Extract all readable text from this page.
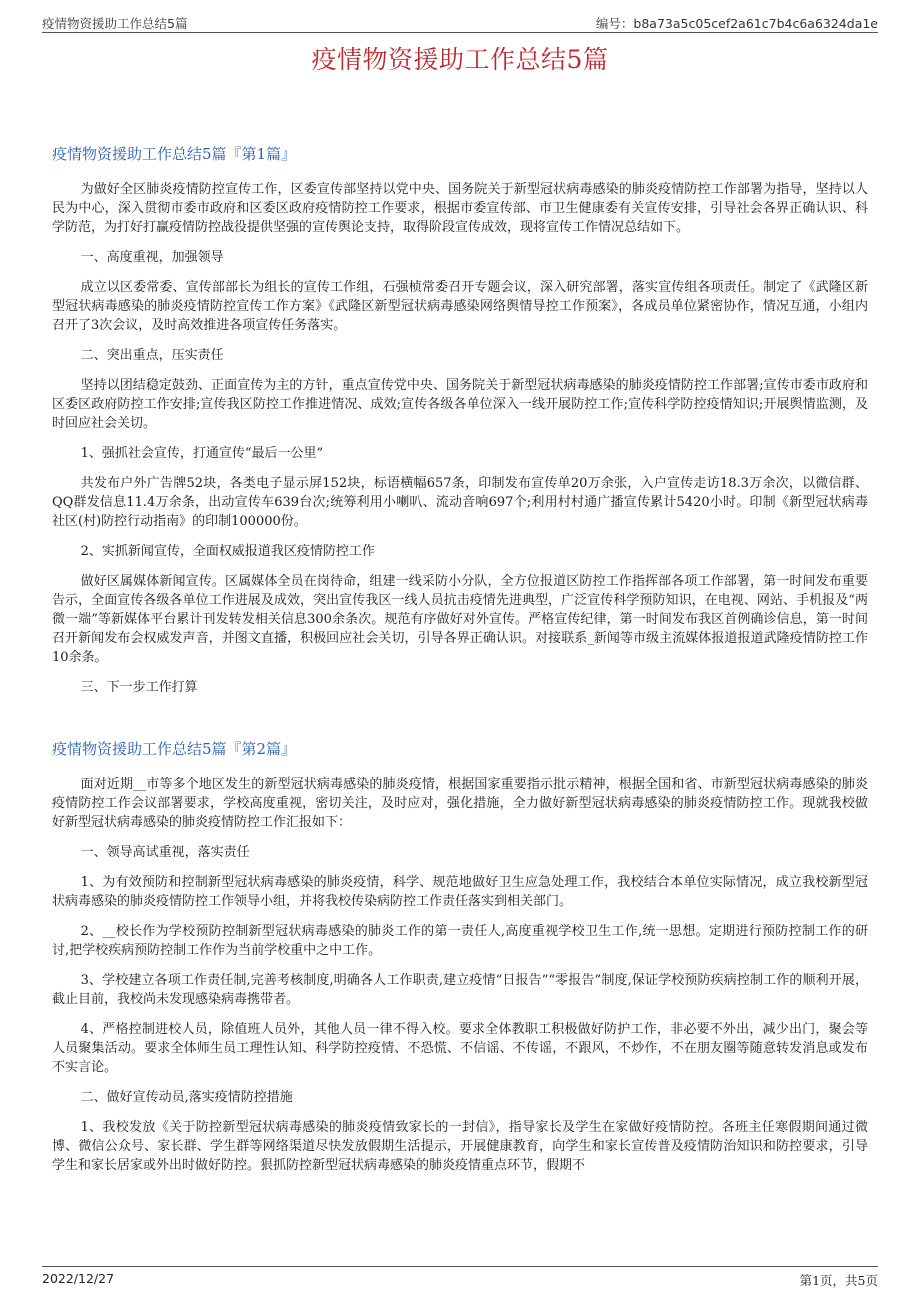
疫情物资援助工作总结5篇	编号：b8a73a5c05cef2a61c7b4c6a6324da1e
疫情物资援助工作总结5篇
疫情物资援助工作总结5篇『第1篇』

为做好全区肺炎疫情防控宣传工作，区委宣传部坚持以党中央、国务院关于新型冠状病毒感染的肺炎疫情防控工作部署为指导，坚持以人民为中心，深入贯彻市委市政府和区委区政府疫情防控工作要求，根据市委宣传部、市卫生健康委有关宣传安排，引导社会各界正确认识、科学防范，为打好打赢疫情防控战役提供坚强的宣传舆论支持，取得阶段宣传成效，现将宣传工作情况总结如下。

一、高度重视，加强领导

成立以区委常委、宣传部部长为组长的宣传工作组，石强桢常委召开专题会议，深入研究部署，落实宣传组各项责任。制定了《武隆区新型冠状病毒感染的肺炎疫情防控宣传工作方案》《武隆区新型冠状病毒感染网络舆情导控工作预案》，各成员单位紧密协作，情况互通，小组内召开了3次会议，及时高效推进各项宣传任务落实。

二、突出重点，压实责任

坚持以团结稳定鼓劲、正面宣传为主的方针，重点宣传党中央、国务院关于新型冠状病毒感染的肺炎疫情防控工作部署;宣传市委市政府和区委区政府防控工作安排;宣传我区防控工作推进情况、成效;宣传各级各单位深入一线开展防控工作;宣传科学防控疫情知识;开展舆情监测，及时回应社会关切。

1、强抓社会宣传，打通宣传“最后一公里”

共发布户外广告牌52块，各类电子显示屏152块，标语横幅657条，印制发布宣传单20万余张，入户宣传走访18.3万余次，以微信群、QQ群发信息11.4万余条，出动宣传车639台次;统筹利用小喇叭、流动音响697个;利用村村通广播宣传累计5420小时。印制《新型冠状病毒社区(村)防控行动指南》的印制100000份。

2、实抓新闻宣传，全面权威报道我区疫情防控工作

做好区属媒体新闻宣传。区属媒体全员在岗待命，组建一线采防小分队，全方位报道区防控工作指挥部各项工作部署，第一时间发布重要告示，全面宣传各级各单位工作进展及成效，突出宣传我区一线人员抗击疫情先进典型，广泛宣传科学预防知识，在电视、网站、手机报及“两微一端”等新媒体平台累计刊发转发相关信息300余条次。规范有序做好对外宣传。严格宣传纪律，第一时间发布我区首例确诊信息，第一时间召开新闻发布会权威发声音，并图文直播，积极回应社会关切，引导各界正确认识。对接联系_新闻等市级主流媒体报道报道武隆疫情防控工作10余条。

三、下一步工作打算

疫情物资援助工作总结5篇『第2篇』

面对近期__市等多个地区发生的新型冠状病毒感染的肺炎疫情，根据国家重要指示批示精神，根据全国和省、市新型冠状病毒感染的肺炎疫情防控工作会议部署要求，学校高度重视，密切关注，及时应对，强化措施，全力做好新型冠状病毒感染的肺炎疫情防控工作。现就我校做好新型冠状病毒感染的肺炎疫情防控工作汇报如下：

一、领导高试重视，落实责任

1、为有效预防和控制新型冠状病毒感染的肺炎疫情，科学、规范地做好卫生应急处理工作，我校结合本单位实际情况，成立我校新型冠状病毒感染的肺炎疫情防控工作领导小组，并将我校传染病防控工作责任落实到相关部门。

2、__校长作为学校预防控制新型冠状病毒感染的肺炎工作的第一责任人,高度重视学校卫生工作,统一思想。定期进行预防控制工作的研讨,把学校疾病预防控制工作作为当前学校重中之中工作。

3、学校建立各项工作责任制,完善考核制度,明确各人工作职责,建立疫情“日报告”“零报告”制度,保证学校预防疾病控制工作的顺利开展，截止目前，我校尚未发现感染病毒携带者。

4、严格控制进校人员，除值班人员外，其他人员一律不得入校。要求全体教职工积极做好防护工作，非必要不外出，减少出门，聚会等人员聚集活动。要求全体师生员工理性认知、科学防控疫情、不恐慌、不信谣、不传谣，不跟风，不炒作，不在朋友圈等随意转发消息或发布不实言论。

二、做好宣传动员,落实疫情防控措施

1、我校发放《关于防控新型冠状病毒感染的肺炎疫情致家长的一封信》，指导家长及学生在家做好疫情防控。各班主任寒假期间通过微博、微信公众号、家长群、学生群等网络渠道尽快发放假期生活提示，开展健康教育，向学生和家长宣传普及疫情防治知识和防控要求，引导学生和家长居家或外出时做好防控。狠抓防控新型冠状病毒感染的肺炎疫情重点环节，假期不

2022/12/27	第1页，共5页
